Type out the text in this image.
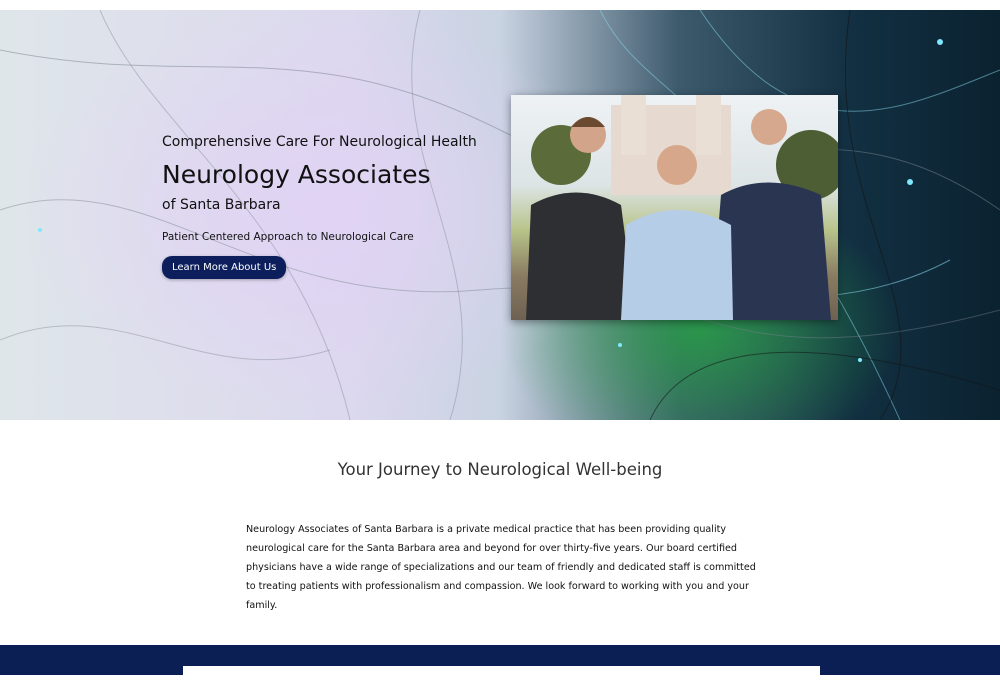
Comprehensive Care For Neurological Health
Neurology Associates
of Santa Barbara
Patient Centered Approach to Neurological Care
Learn More About Us
Your Journey to Neurological Well-being
Neurology Associates of Santa Barbara is a private medical practice that has been providing quality neurological care for the Santa Barbara area and beyond for over thirty-five years. Our board certified physicians have a wide range of specializations and our team of friendly and dedicated staff is committed to treating patients with professionalism and compassion. We look forward to working with you and your family.
